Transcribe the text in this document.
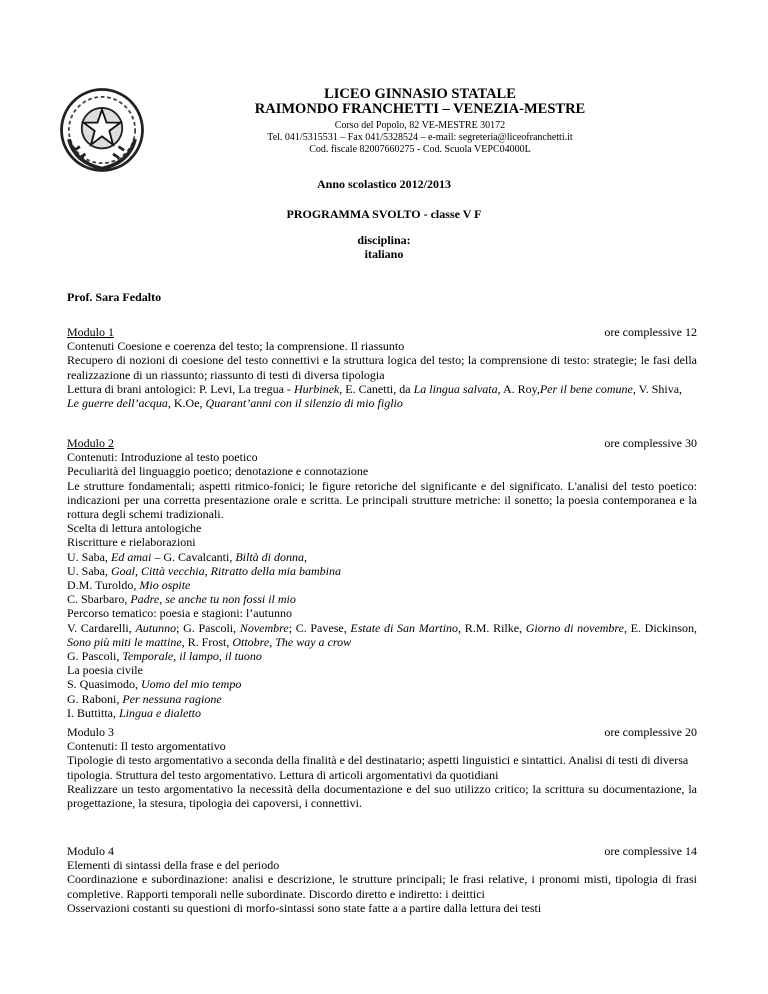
LICEO GINNASIO STATALE
RAIMONDO FRANCHETTI – VENEZIA-MESTRE
Corso del Popolo, 82 VE-MESTRE 30172
Tel. 041/5315531 – Fax 041/5328524 – e-mail: segreteria@liceofranchetti.it
Cod. fiscale 82007660275 - Cod. Scuola VEPC04000L
Anno scolastico 2012/2013
PROGRAMMA SVOLTO - classe V F
disciplina:
italiano
Prof. Sara Fedalto
Modulo 1	ore complessive 12
Contenuti Coesione e coerenza del testo; la comprensione. Il riassunto
Recupero di nozioni di coesione del testo connettivi e la struttura logica del testo; la comprensione di testo: strategie; le fasi della realizzazione di un riassunto; riassunto di testi di diversa tipologia
Lettura di brani antologici: P. Levi, La tregua - Hurbinek, E. Canetti, da La lingua salvata, A. Roy,Per il bene comune, V. Shiva, Le guerre dell’acqua, K.Oe, Quarant’anni con il silenzio di mio figlio
Modulo 2	ore complessive 30
Contenuti: Introduzione al testo poetico
Peculiarità del linguaggio poetico; denotazione e connotazione
Le strutture fondamentali; aspetti ritmico-fonici; le figure retoriche del significante e del significato. L'analisi del testo poetico: indicazioni per una corretta presentazione orale e scritta. Le principali strutture metriche: il sonetto; la poesia contemporanea e la rottura degli schemi tradizionali.
Scelta di lettura antologiche
Riscritture e rielaborazioni
U. Saba, Ed amai – G. Cavalcanti, Biltà di donna,
U. Saba, Goal, Città vecchia, Ritratto della mia bambina
D.M. Turoldo, Mio ospite
C. Sbarbaro, Padre, se anche tu non fossi il mio
Percorso tematico: poesia e stagioni: l’autunno
V. Cardarelli, Autunno; G. Pascoli, Novembre; C. Pavese, Estate di San Martino, R.M. Rilke, Giorno di novembre, E. Dickinson, Sono più miti le mattine, R. Frost, Ottobre, The way a crow
G. Pascoli, Temporale, il lampo, il tuono
La poesia civile
S. Quasimodo, Uomo del mio tempo
G. Raboni, Per nessuna ragione
I. Buttitta, Lingua e dialetto
Modulo 3	ore complessive 20
Contenuti: Il testo argomentativo
Tipologie di testo argomentativo a seconda della finalità e del destinatario; aspetti linguistici e sintattici. Analisi di testi di diversa tipologia. Struttura del testo argomentativo. Lettura di articoli argomentativi da quotidiani
Realizzare un testo argomentativo la necessità della documentazione e del suo utilizzo critico; la scrittura su documentazione, la progettazione, la stesura, tipologia dei capoversi, i connettivi.
Modulo 4	ore complessive 14
Elementi di sintassi della frase e del periodo
Coordinazione e subordinazione: analisi e descrizione, le strutture principali; le frasi relative, i pronomi misti, tipologia di frasi completive. Rapporti temporali nelle subordinate. Discordo diretto e indiretto: i deittici
Osservazioni costanti su questioni di morfo-sintassi sono state fatte a a partire dalla lettura dei testi
